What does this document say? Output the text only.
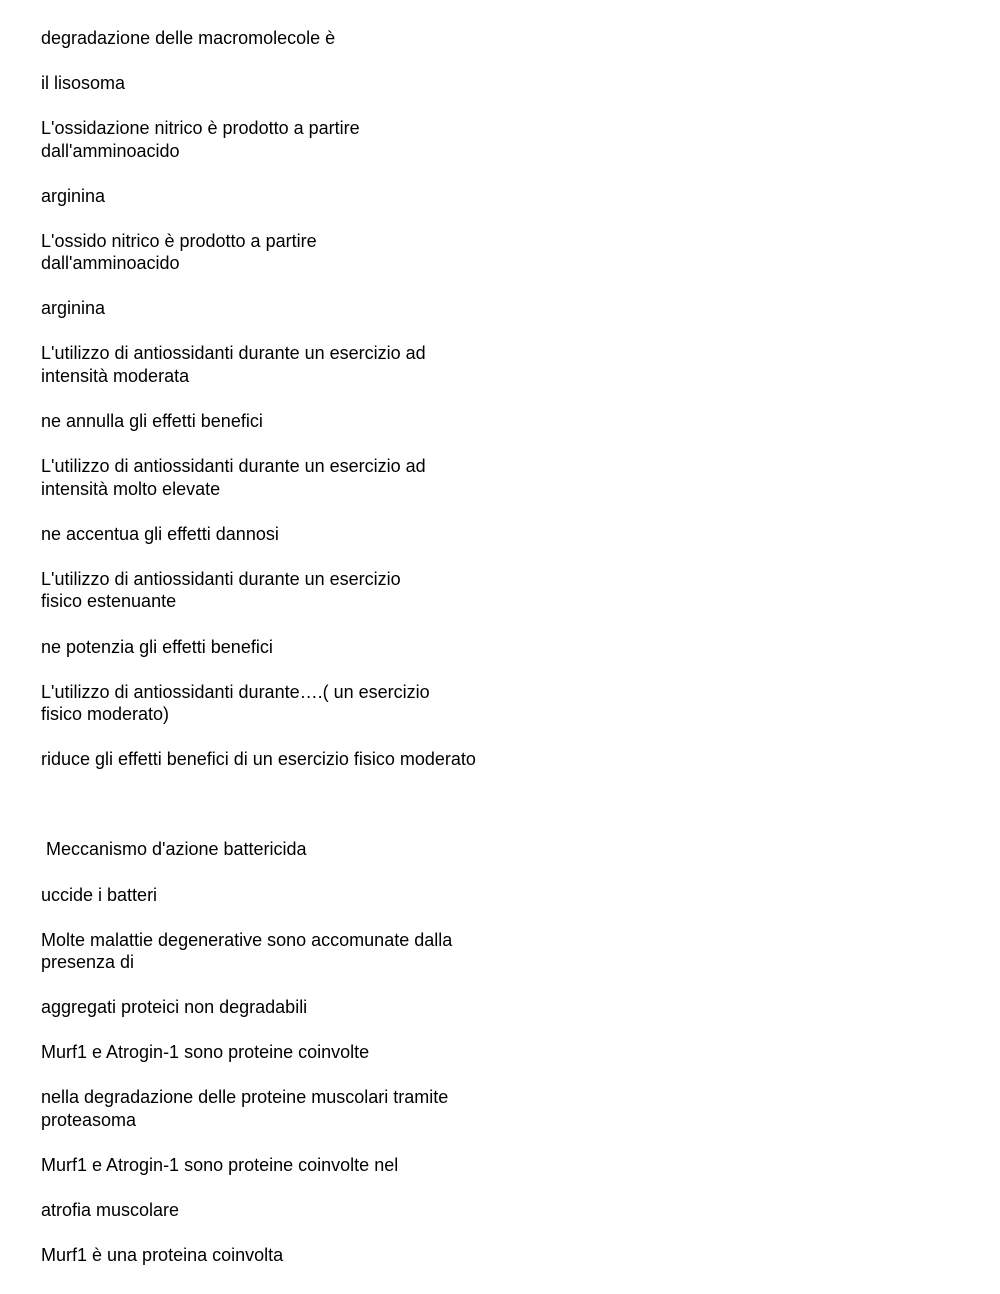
degradazione delle macromolecole è

il lisosoma

L'ossidazione nitrico è prodotto a partire

dall'amminoacido

arginina

L'ossido nitrico è prodotto a partire

dall'amminoacido

arginina

L'utilizzo di antiossidanti durante un esercizio ad

intensità moderata

ne annulla gli effetti benefici

L'utilizzo di antiossidanti durante un esercizio ad

intensità molto elevate

ne accentua gli effetti dannosi

L'utilizzo di antiossidanti durante un esercizio

fisico estenuante

ne potenzia gli effetti benefici

L'utilizzo di antiossidanti durante….( un esercizio

fisico moderato)

riduce gli effetti benefici di un esercizio fisico moderato

Meccanismo d'azione battericida

uccide i batteri

Molte malattie degenerative sono accomunate dalla

presenza di

aggregati proteici non degradabili

Murf1 e Atrogin-1 sono proteine coinvolte

nella degradazione delle proteine muscolari tramite

proteasoma

Murf1 e Atrogin-1 sono proteine coinvolte nel

atrofia muscolare

Murf1 è una proteina coinvolta
